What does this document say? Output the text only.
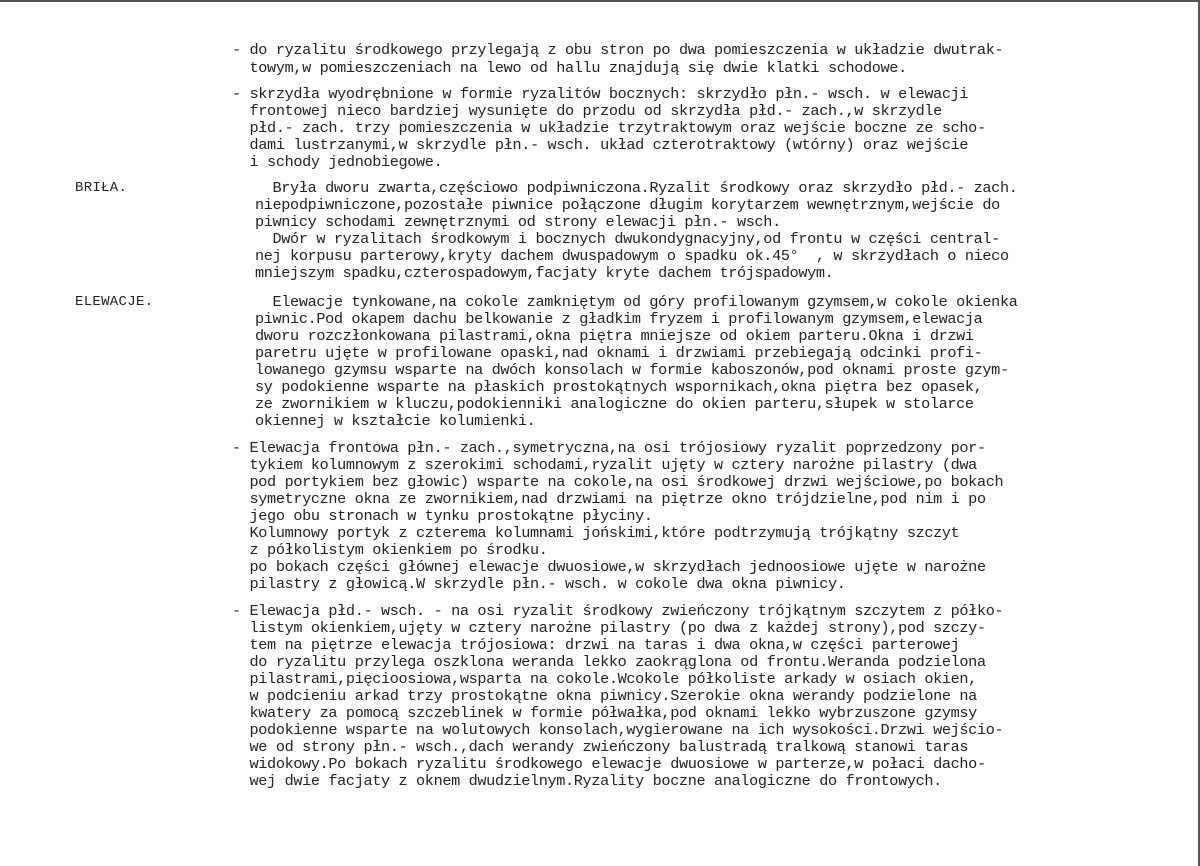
BRIŁA.
ELEWACJE.
- do ryzalitu środkowego przylegają z obu stron po dwa pomieszczenia w układzie dwutrak-
towym,w pomieszczeniach na lewo od hallu znajdują się dwie klatki schodowe.
- skrzydła wyodrębnione w formie ryzalitów bocznych: skrzydło płn.- wsch. w elewacji
frontowej nieco bardziej wysunięte do przodu od skrzydła płd.- zach.,w skrzydle
płd.- zach. trzy pomieszczenia w układzie trzytraktowym oraz wejście boczne ze scho-
dami lustrzanymi,w skrzydle płn.- wsch. układ czterotraktowy (wtórny) oraz wejście
i schody jednobiegowe.
Bryła dworu zwarta,częściowo podpiwniczona.Ryzalit środkowy oraz skrzydło płd.- zach.
niepodpiwniczone,pozostałe piwnice połączone długim korytarzem wewnętrznym,wejście do
piwnicy schodami zewnętrznymi od strony elewacji płn.- wsch.
Dwór w ryzalitach środkowym i bocznych dwukondygnacyjny,od frontu w części central-
nej korpusu parterowy,kryty dachem dwuspadowym o spadku ok.45°  , w skrzydłach o nieco
mniejszym spadku,czterospadowym,facjaty kryte dachem trójspadowym.
Elewacje tynkowane,na cokole zamkniętym od góry profilowanym gzymsem,w cokole okienka
piwnic.Pod okapem dachu belkowanie z gładkim fryzem i profilowanym gzymsem,elewacja
dworu rozczłonkowana pilastrami,okna piętra mniejsze od okiem parteru.Okna i drzwi
paretru ujęte w profilowane opaski,nad oknami i drzwiami przebiegają odcinki profi-
lowanego gzymsu wsparte na dwóch konsolach w formie kaboszonów,pod oknami proste gzym-
sy podokienne wsparte na płaskich prostokątnych wspornikach,okna piętra bez opasek,
ze zwornikiem w kluczu,podokienniki analogiczne do okien parteru,słupek w stolarce
okiennej w kształcie kolumienki.
- Elewacja frontowa płn.- zach.,symetryczna,na osi trójosiowy ryzalit poprzedzony por-
tykiem kolumnowym z szerokimi schodami,ryzalit ujęty w cztery narożne pilastry (dwa
pod portykiem bez głowic) wsparte na cokole,na osi środkowej drzwi wejściowe,po bokach
symetryczne okna ze zwornikiem,nad drzwiami na piętrze okno trójdzielne,pod nim i po
jego obu stronach w tynku prostokątne płyciny.
Kolumnowy portyk z czterema kolumnami jońskimi,które podtrzymują trójkątny szczyt
z półkolistym okienkiem po środku.
po bokach części głównej elewacje dwuosiowe,w skrzydłach jednoosiowe ujęte w narożne
pilastry z głowicą.W skrzydle płn.- wsch. w cokole dwa okna piwnicy.
- Elewacja płd.- wsch. - na osi ryzalit środkowy zwieńczony trójkątnym szczytem z półko-
listym okienkiem,ujęty w cztery narożne pilastry (po dwa z każdej strony),pod szczy-
tem na piętrze elewacja trójosiowa: drzwi na taras i dwa okna,w części parterowej
do ryzalitu przylega oszklona weranda lekko zaokrąglona od frontu.Weranda podzielona
pilastrami,pięcioosiowa,wsparta na cokole.Wcokole półkoliste arkady w osiach okien,
w podcieniu arkad trzy prostokątne okna piwnicy.Szerokie okna werandy podzielone na
kwatery za pomocą szczeblinek w formie półwałka,pod oknami lekko wybrzuszone gzymsy
podokienne wsparte na wolutowych konsolach,wygierowane na ich wysokości.Drzwi wejścio-
we od strony płn.- wsch.,dach werandy zwieńczony balustradą tralkową stanowi taras
widokowy.Po bokach ryzalitu środkowego elewacje dwuosiowe w parterze,w połaci dacho-
wej dwie facjaty z oknem dwudzielnym.Ryzality boczne analogiczne do frontowych.
